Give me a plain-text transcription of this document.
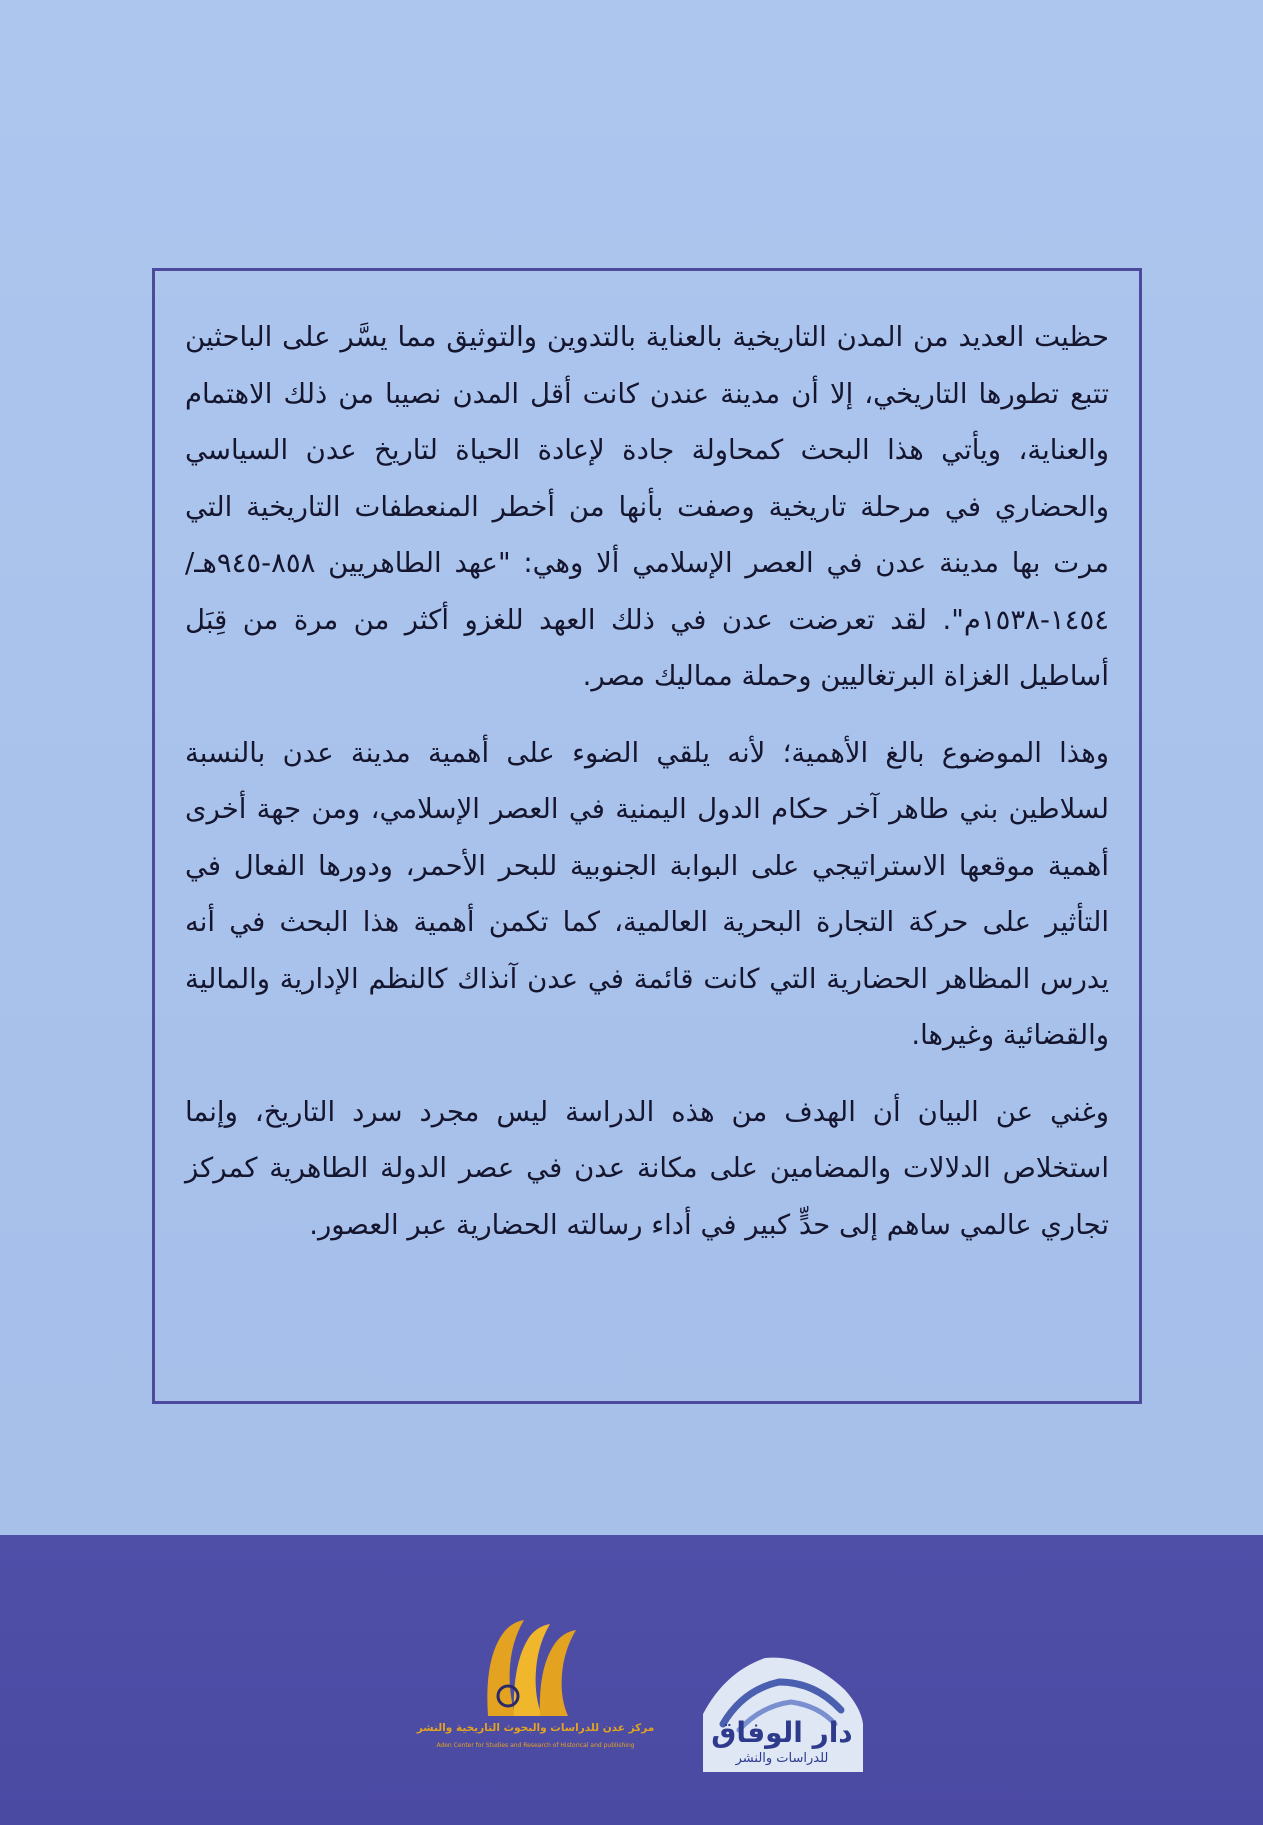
حظيت العديد من المدن التاريخية بالعناية بالتدوين والتوثيق مما يسَّر على الباحثين تتبع تطورها التاريخي، إلا أن مدينة عندن كانت أقل المدن نصيبا من ذلك الاهتمام والعناية، ويأتي هذا البحث كمحاولة جادة لإعادة الحياة لتاريخ عدن السياسي والحضاري في مرحلة تاريخية وصفت بأنها من أخطر المنعطفات التاريخية التي مرت بها مدينة عدن في العصر الإسلامي ألا وهي: "عهد الطاهريين ٨٥٨-٩٤٥هـ/١٤٥٤-١٥٣٨م". لقد تعرضت عدن في ذلك العهد للغزو أكثر من مرة من قِبَل أساطيل الغزاة البرتغاليين وحملة مماليك مصر.

وهذا الموضوع بالغ الأهمية؛ لأنه يلقي الضوء على أهمية مدينة عدن بالنسبة لسلاطين بني طاهر آخر حكام الدول اليمنية في العصر الإسلامي، ومن جهة أخرى أهمية موقعها الاستراتيجي على البوابة الجنوبية للبحر الأحمر، ودورها الفعال في التأثير على حركة التجارة البحرية العالمية، كما تكمن أهمية هذا البحث في أنه يدرس المظاهر الحضارية التي كانت قائمة في عدن آنذاك كالنظم الإدارية والمالية والقضائية وغيرها.

وغني عن البيان أن الهدف من هذه الدراسة ليس مجرد سرد التاريخ، وإنما استخلاص الدلالات والمضامين على مكانة عدن في عصر الدولة الطاهرية كمركز تجاري عالمي ساهم إلى حدٍّ كبير في أداء رسالته الحضارية عبر العصور.

دار الوفاق
للدراسات والنشر
مركز عدن للدراسات والبحوث التاريخية والنشر
Aden Center for Studies and Research of Historical and publishing
